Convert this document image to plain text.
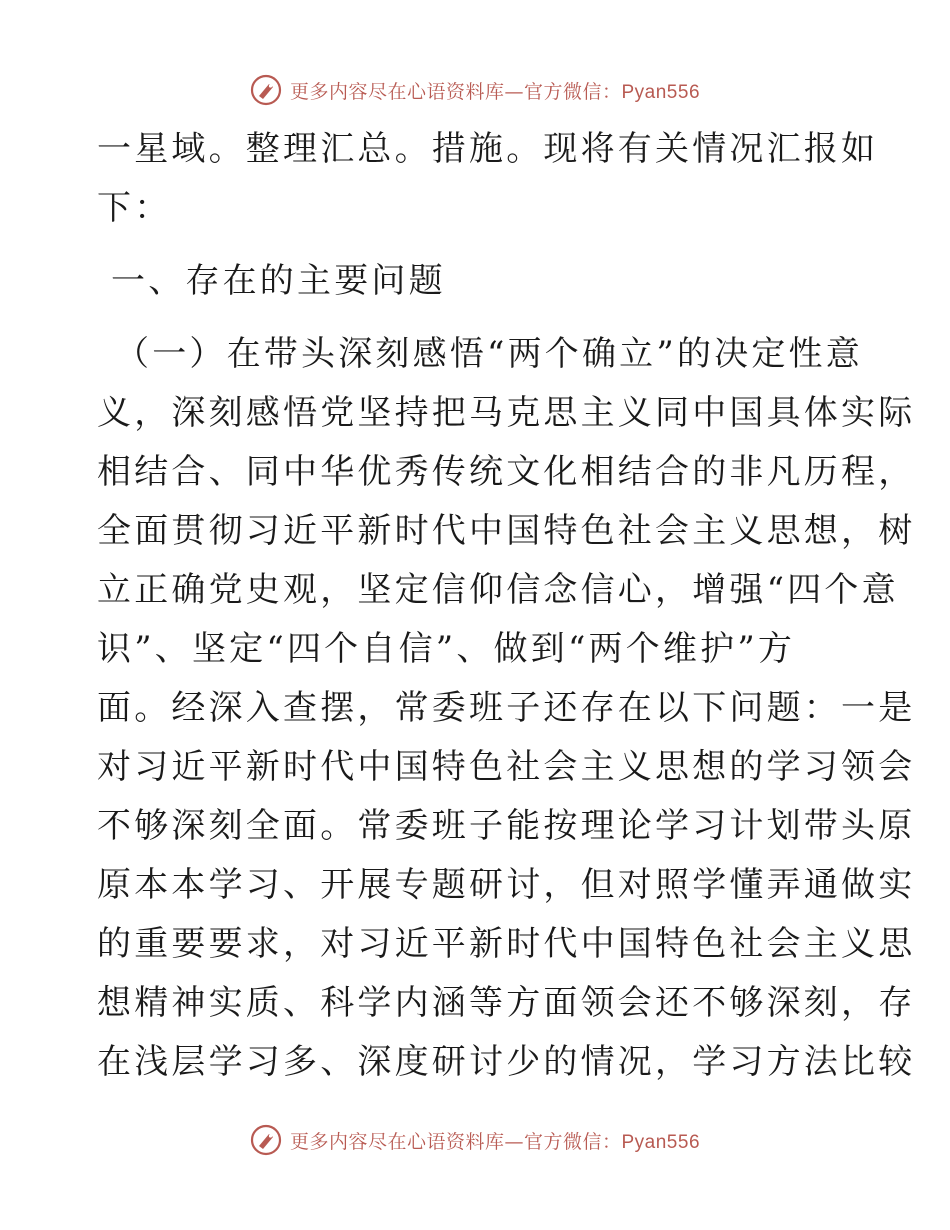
更多内容尽在心语资料库—官方微信：Pyan556
一星域。整理汇总。措施。现将有关情况汇报如
下：
一、存在的主要问题
（一）在带头深刻感悟“两个确立”的决定性意
义，深刻感悟党坚持把马克思主义同中国具体实际
相结合、同中华优秀传统文化相结合的非凡历程，
全面贯彻习近平新时代中国特色社会主义思想，树
立正确党史观，坚定信仰信念信心，增强“四个意
识”、坚定“四个自信”、做到“两个维护”方
面。经深入查摆，常委班子还存在以下问题：一是
对习近平新时代中国特色社会主义思想的学习领会
不够深刻全面。常委班子能按理论学习计划带头原
原本本学习、开展专题研讨，但对照学懂弄通做实
的重要要求，对习近平新时代中国特色社会主义思
想精神实质、科学内涵等方面领会还不够深刻，存
在浅层学习多、深度研讨少的情况，学习方法比较
更多内容尽在心语资料库—官方微信：Pyan556
